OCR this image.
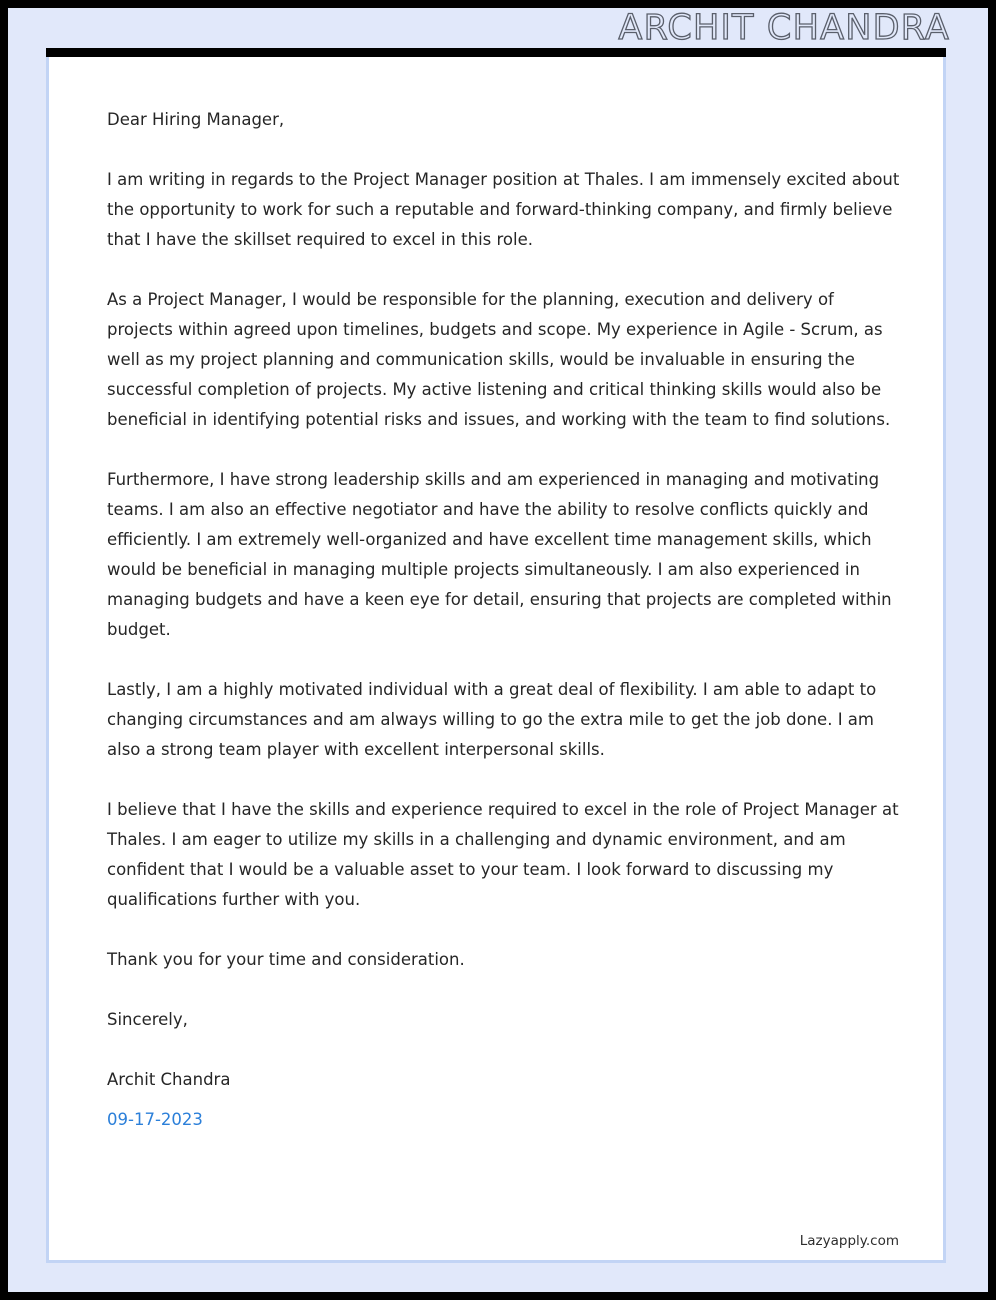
ARCHIT CHANDRA
Dear Hiring Manager,

I am writing in regards to the Project Manager position at Thales. I am immensely excited about the opportunity to work for such a reputable and forward-thinking company, and firmly believe that I have the skillset required to excel in this role.

As a Project Manager, I would be responsible for the planning, execution and delivery of projects within agreed upon timelines, budgets and scope. My experience in Agile - Scrum, as well as my project planning and communication skills, would be invaluable in ensuring the successful completion of projects. My active listening and critical thinking skills would also be beneficial in identifying potential risks and issues, and working with the team to find solutions.

Furthermore, I have strong leadership skills and am experienced in managing and motivating teams. I am also an effective negotiator and have the ability to resolve conflicts quickly and efficiently. I am extremely well-organized and have excellent time management skills, which would be beneficial in managing multiple projects simultaneously. I am also experienced in managing budgets and have a keen eye for detail, ensuring that projects are completed within budget.

Lastly, I am a highly motivated individual with a great deal of flexibility. I am able to adapt to changing circumstances and am always willing to go the extra mile to get the job done. I am also a strong team player with excellent interpersonal skills.

I believe that I have the skills and experience required to excel in the role of Project Manager at Thales. I am eager to utilize my skills in a challenging and dynamic environment, and am confident that I would be a valuable asset to your team. I look forward to discussing my qualifications further with you.

Thank you for your time and consideration.
Sincerely,
Archit Chandra
09-17-2023
Lazyapply.com
